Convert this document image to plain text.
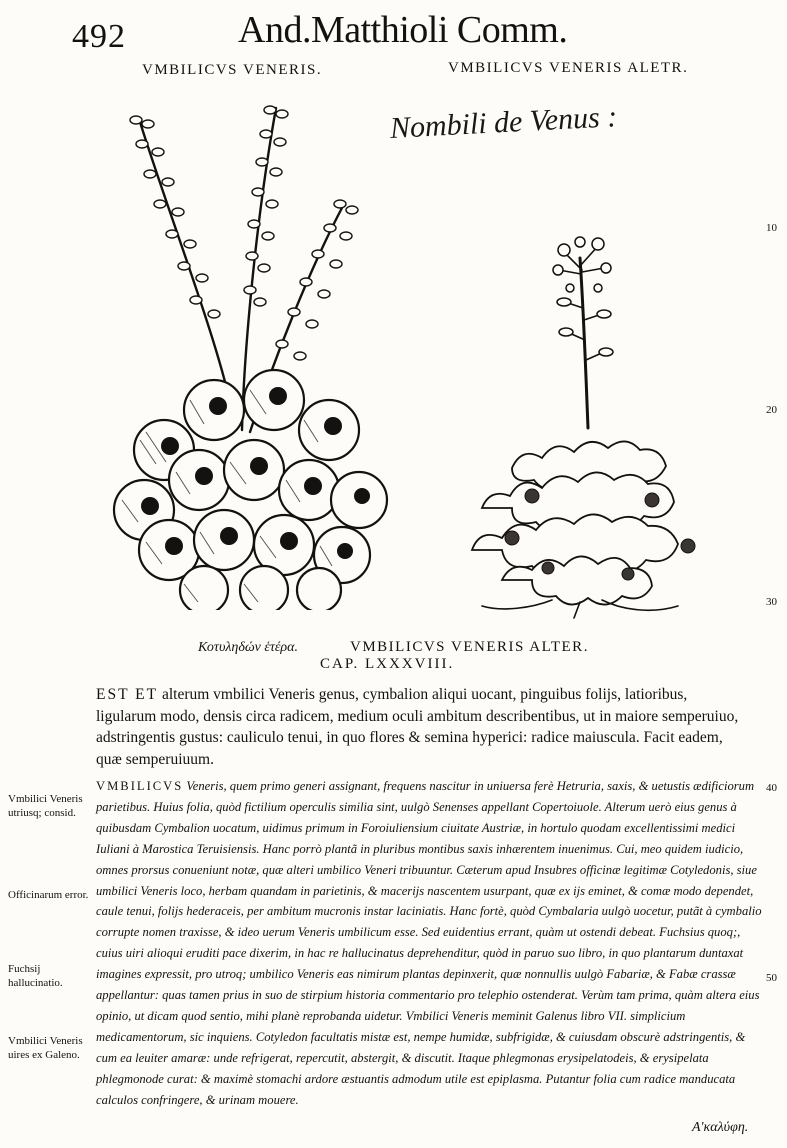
492	And.Matthioli Comm.
VMBILICVS VENERIS.	VMBILICVS VENERIS ALETR.
Nombili de Venus :
10
20
30
40
50
Κοτυληδών ἑτέρα.	VMBILICVS VENERIS ALTER.
CAP. LXXXVIII.

EST ET alterum vmbilici Veneris genus, cymbalion aliqui uocant, pinguibus folijs, latioribus, ligularum modo, densis circa radicem, medium oculi ambitum describentibus, ut in maiore semperuiuo, adstringentis gustus: cauliculo tenui, in quo flores & semina hyperici: radice maiuscula. Facit eadem, quæ semperuiuum.

VMBILICVS Veneris, quem primo generi assignant, frequens nascitur in uniuersa ferè Hetruria, saxis, & uetustis ædificiorum parietibus. Huius folia, quòd fictilium operculis similia sint, uulgò Senenses appellant Copertoiuole. Alterum uerò eius genus à quibusdam Cymbalion uocatum, uidimus primum in Foroiuliensium ciuitate Austriæ, in hortulo quodam excellentissimi medici Iuliani à Marostica Teruisiensis. Hanc porrò plantã in pluribus montibus saxis inhærentem inuenimus. Cui, meo quidem iudicio, omnes prorsus conueniunt notæ, quæ alteri umbilico Veneri tribuuntur. Cæterum apud Insubres officinæ legitimæ Cotyledonis, siue umbilici Veneris loco, herbam quandam in parietinis, & macerijs nascentem usurpant, quæ ex ijs eminet, & comæ modo dependet, caule tenui, folijs hederaceis, per ambitum mucronis instar laciniatis. Hanc fortè, quòd Cymbalaria uulgò uocetur, putãt à cymbalio corrupte nomen traxisse, & ideo uerum Veneris umbilicum esse. Sed euidentius errant, quàm ut ostendi debeat. Fuchsius quoq;, cuius uiri alioqui eruditi pace dixerim, in hac re hallucinatus deprehenditur, quòd in paruo suo libro, in quo plantarum duntaxat imagines expressit, pro utroq; umbilico Veneris eas nimirum plantas depinxerit, quæ nonnullis uulgò Fabariæ, & Fabæ crassæ appellantur: quas tamen prius in suo de stirpium historia commentario pro telephio ostenderat. Verùm tam prima, quàm altera eius opinio, ut dicam quod sentio, mihi planè reprobanda uidetur. Vmbilici Veneris meminit Galenus libro VII. simplicium medicamentorum, sic inquiens. Cotyledon facultatis mistæ est, nempe humidæ, subfrigidæ, & cuiusdam obscurè adstringentis, & cum ea leuiter amaræ: unde refrigerat, repercutit, abstergit, & discutit. Itaque phlegmonas erysipelatodeis, & erysipelata phlegmonode curat: & maximè stomachi ardore æstuantis admodum utile est epiplasma. Putantur folia cum radice manducata calculos confringere, & urinam mouere.

Vmbilici Veneris utriusq; consid.
Officinarum error.
Fuchsij hallucinatio.
Vmbilici Veneris uires ex Galeno.
Α'καλύφη.
